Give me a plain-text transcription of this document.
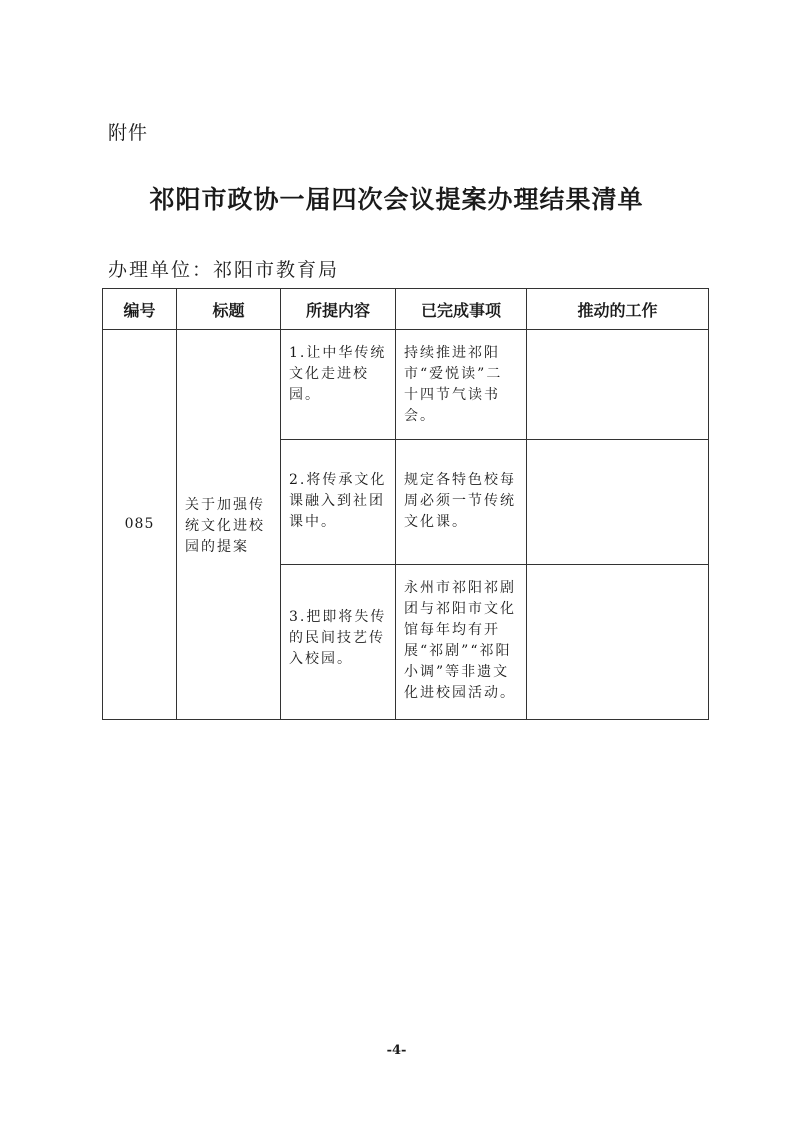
附件
祁阳市政协一届四次会议提案办理结果清单
办理单位：祁阳市教育局
编号	标题	所提内容	已完成事项	推动的工作
085	关于加强传统文化进校园的提案	1.让中华传统文化走进校园。	持续推进祁阳市“爱悦读”二十四节气读书会。	

		2.将传承文化课融入到社团课中。	规定各特色校每周必须一节传统文化课。	

		3.把即将失传的民间技艺传入校园。	永州市祁阳祁剧团与祁阳市文化馆每年均有开展“祁剧”“祁阳小调”等非遗文化进校园活动。	

-4-
